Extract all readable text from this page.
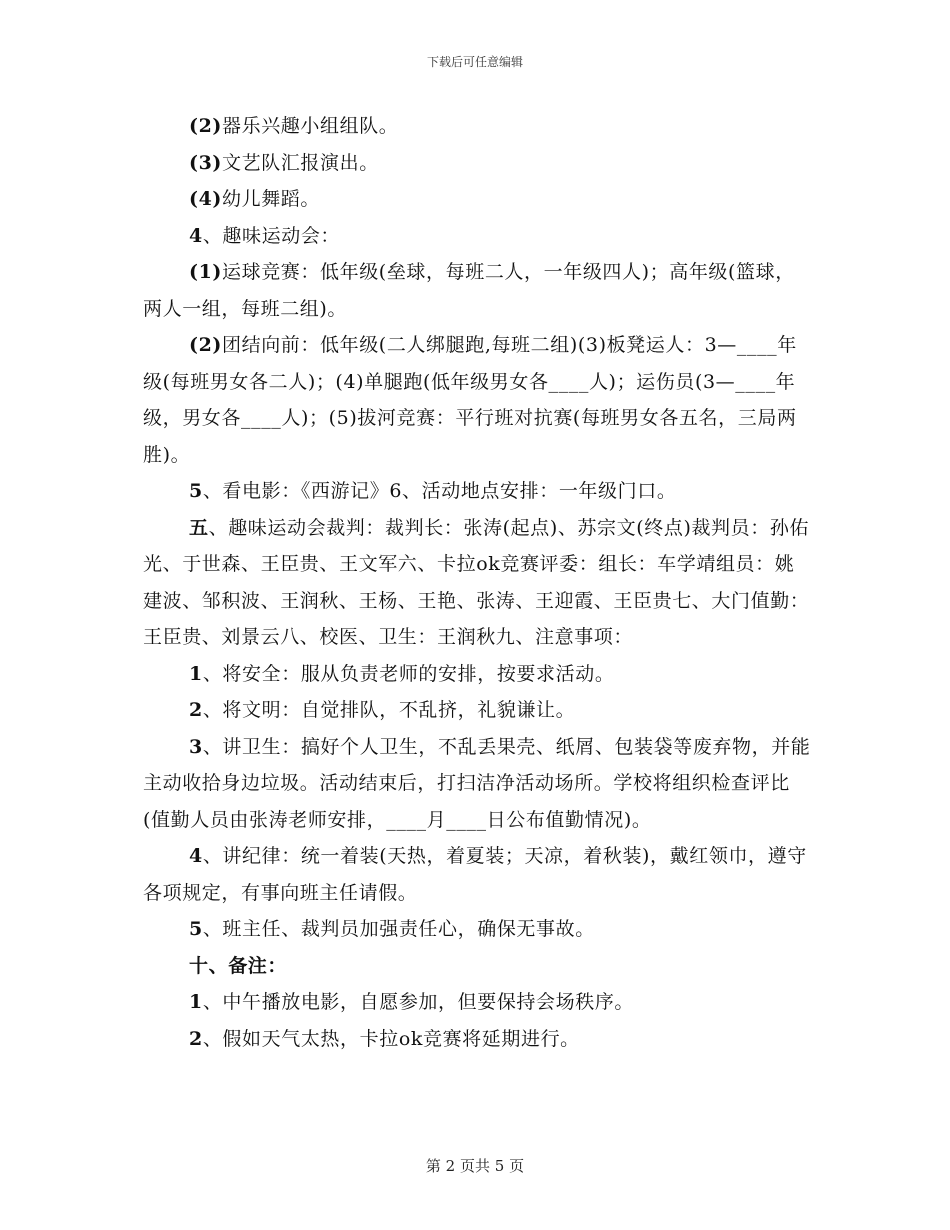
下载后可任意编辑

(2)器乐兴趣小组组队。

(3)文艺队汇报演出。

(4)幼儿舞蹈。

4、趣味运动会：

(1)运球竞赛：低年级(垒球，每班二人，一年级四人)；高年级(篮球，两人一组，每班二组)。

(2)团结向前：低年级(二人绑腿跑,每班二组)(3)板凳运人：3—____年级(每班男女各二人)；(4)单腿跑(低年级男女各____人)；运伤员(3—____年级，男女各____人)；(5)拔河竞赛：平行班对抗赛(每班男女各五名，三局两胜)。

5、看电影：《西游记》6、活动地点安排：一年级门口。

五、趣味运动会裁判：裁判长：张涛(起点)、苏宗文(终点)裁判员：孙佑光、于世森、王臣贵、王文军六、卡拉ok竞赛评委：组长：车学靖组员：姚建波、邹积波、王润秋、王杨、王艳、张涛、王迎霞、王臣贵七、大门值勤：王臣贵、刘景云八、校医、卫生：王润秋九、注意事项：

1、将安全：服从负责老师的安排，按要求活动。

2、将文明：自觉排队，不乱挤，礼貌谦让。

3、讲卫生：搞好个人卫生，不乱丢果壳、纸屑、包装袋等废弃物，并能主动收拾身边垃圾。活动结束后，打扫洁净活动场所。学校将组织检查评比(值勤人员由张涛老师安排，____月____日公布值勤情况)。

4、讲纪律：统一着装(天热，着夏装；天凉，着秋装)，戴红领巾，遵守各项规定，有事向班主任请假。

5、班主任、裁判员加强责任心，确保无事故。

十、备注：

1、中午播放电影，自愿参加，但要保持会场秩序。

2、假如天气太热，卡拉ok竞赛将延期进行。

第 2 页共 5 页
